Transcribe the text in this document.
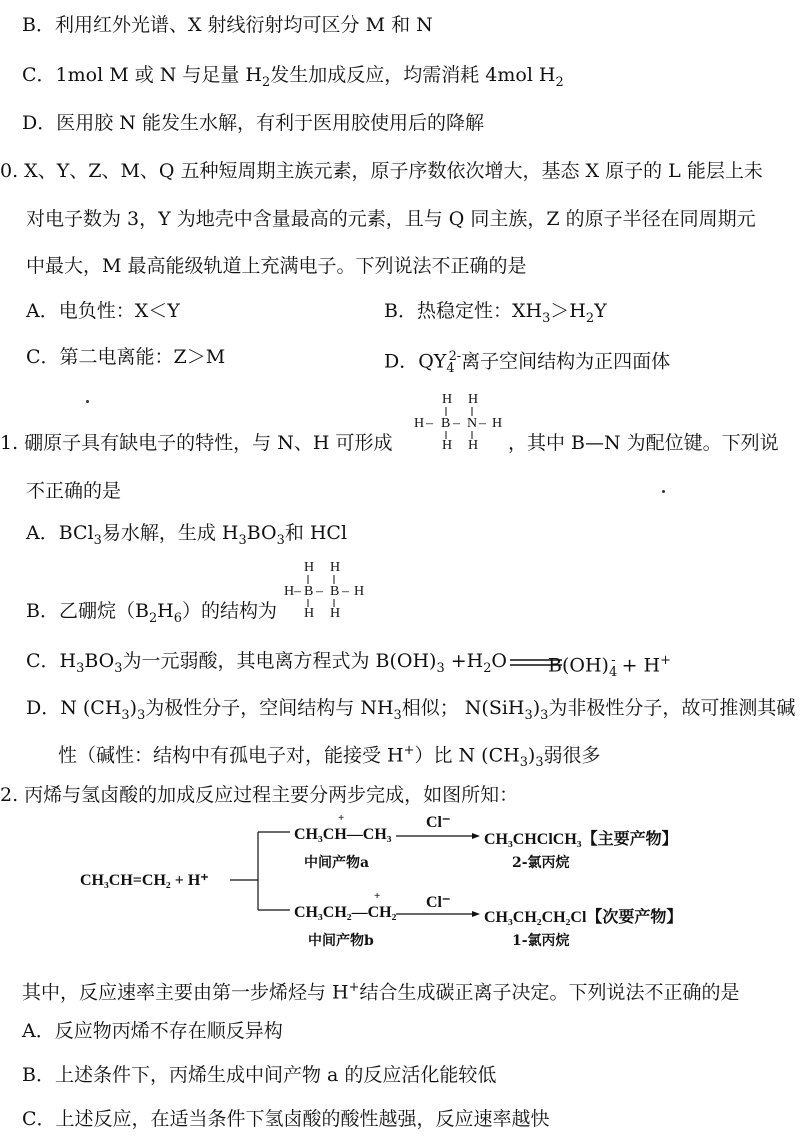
B．利用红外光谱、X 射线衍射均可区分 M 和 N
C．1mol M 或 N 与足量 $H_2$发生加成反应，均需消耗 4mol $H_2$
D．医用胶 N 能发生水解，有利于医用胶使用后的降解
0. X、Y、Z、M、Q 五种短周期主族元素，原子序数依次增大，基态 X 原子的 L 能层上未
对电子数为 3，Y 为地壳中含量最高的元素，且与 Q 同主族，Z 的原子半径在同周期元
中最大，M 最高能级轨道上充满电子。下列说法不正确的是
A．电负性：X＜Y	B．热稳定性：$XH_3>H_2Y$
C．第二电离能：Z＞M	D．$QY_4^{2-}$离子空间结构为正四面体
1. 硼原子具有缺电子的特性，与 N、H 可形成
H H
H – B – N – H
H H ，其中 B—N 为配位键。下列说
不正确的是
A．BCl$_3$易水解，生成 $H_3BO_3$和 HCl
B．乙硼烷$(B_2H_6)$的结构为
H H
H – B – B – H
H H
C．$H_3BO_3$为一元弱酸，其电离方程式为 $B(OH)_3 +H_2O$ $B(OH)_4^- + H^+$
D．N $(CH_3)_3$为极性分子，空间结构与 $NH_3$相似； $N(SiH_3)_3$为非极性分子，故可推测其碱
性（碱性：结构中有孤电子对，能接受 H+）比 N $(CH_3)_3$弱很多
2. 丙烯与氢卤酸的加成反应过程主要分两步完成，如图所知：
CH₃CH=CH₂ + H⁺
CH₃CH—CH₃
+
中间产物a
Cl⁻
CH₃CHClCH₃【主要产物】
2-氯丙烷
CH₃CH₂—CH₂
+
中间产物b
Cl⁻
CH₃CH₂CH₂Cl【次要产物】
1-氯丙烷
其中，反应速率主要由第一步烯烃与 H+结合生成碳正离子决定。下列说法不正确的是
A．反应物丙烯不存在顺反异构
B．上述条件下，丙烯生成中间产物 a 的反应活化能较低
C．上述反应，在适当条件下氢卤酸的酸性越强，反应速率越快
